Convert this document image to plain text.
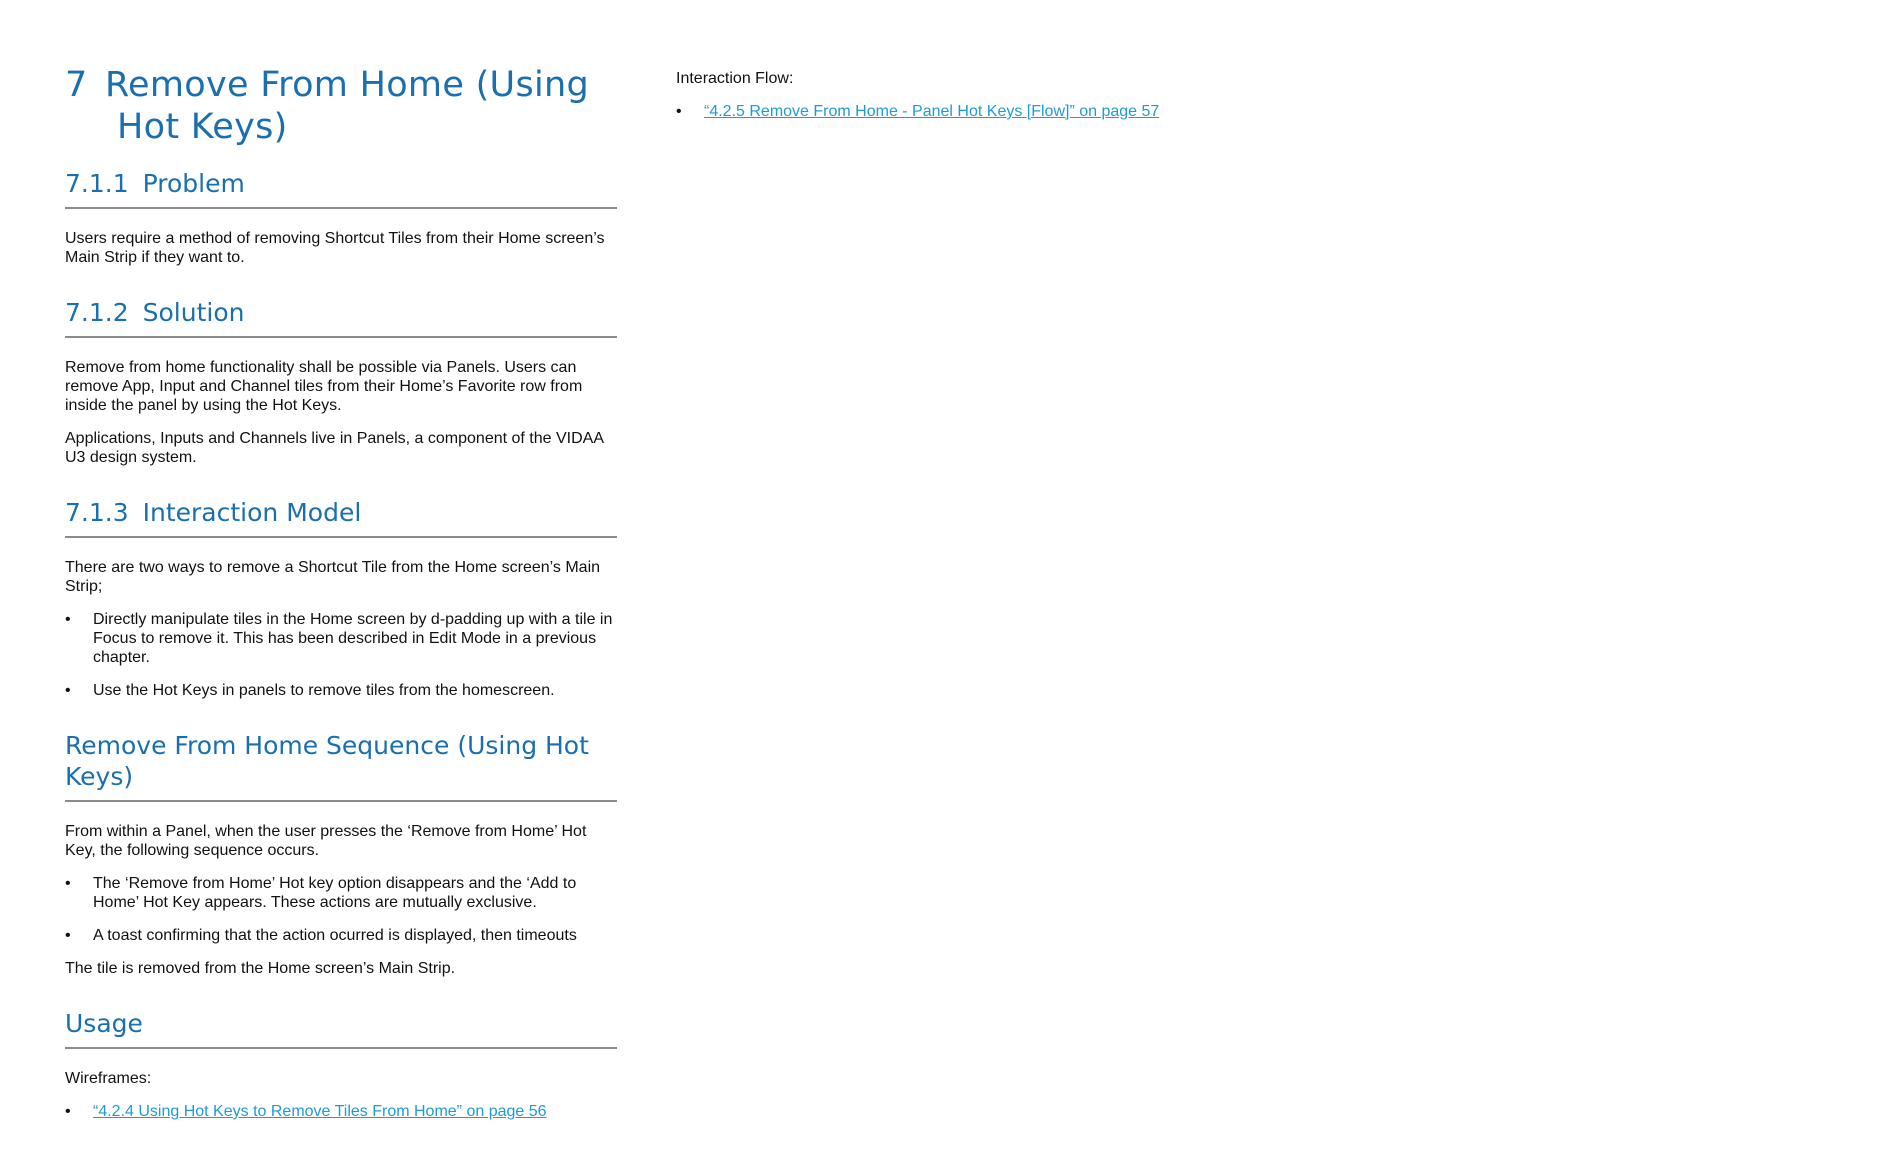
7 Remove From Home (Using
Hot Keys)
7.1.1 Problem

Users require a method of removing Shortcut Tiles from their Home screen’s Main Strip if they want to.

7.1.2 Solution

Remove from home functionality shall be possible via Panels. Users can remove App, Input and Channel tiles from their Home’s Favorite row from inside the panel by using the Hot Keys.

Applications, Inputs and Channels live in Panels, a component of the VIDAA U3 design system.

7.1.3 Interaction Model

There are two ways to remove a Shortcut Tile from the Home screen’s Main Strip;

• Directly manipulate tiles in the Home screen by d-padding up with a tile in Focus to remove it. This has been described in Edit Mode in a previous chapter.
• Use the Hot Keys in panels to remove tiles from the homescreen.
Remove From Home Sequence (Using Hot Keys)

From within a Panel, when the user presses the ‘Remove from Home’ Hot Key, the following sequence occurs.

• The ‘Remove from Home’ Hot key option disappears and the ‘Add to Home’ Hot Key appears. These actions are mutually exclusive.
• A toast confirming that the action ocurred is displayed, then timeouts

The tile is removed from the Home screen’s Main Strip.

Usage

Wireframes:

• “4.2.4 Using Hot Keys to Remove Tiles From Home” on page 56

Interaction Flow:

• “4.2.5 Remove From Home - Panel Hot Keys [Flow]” on page 57
